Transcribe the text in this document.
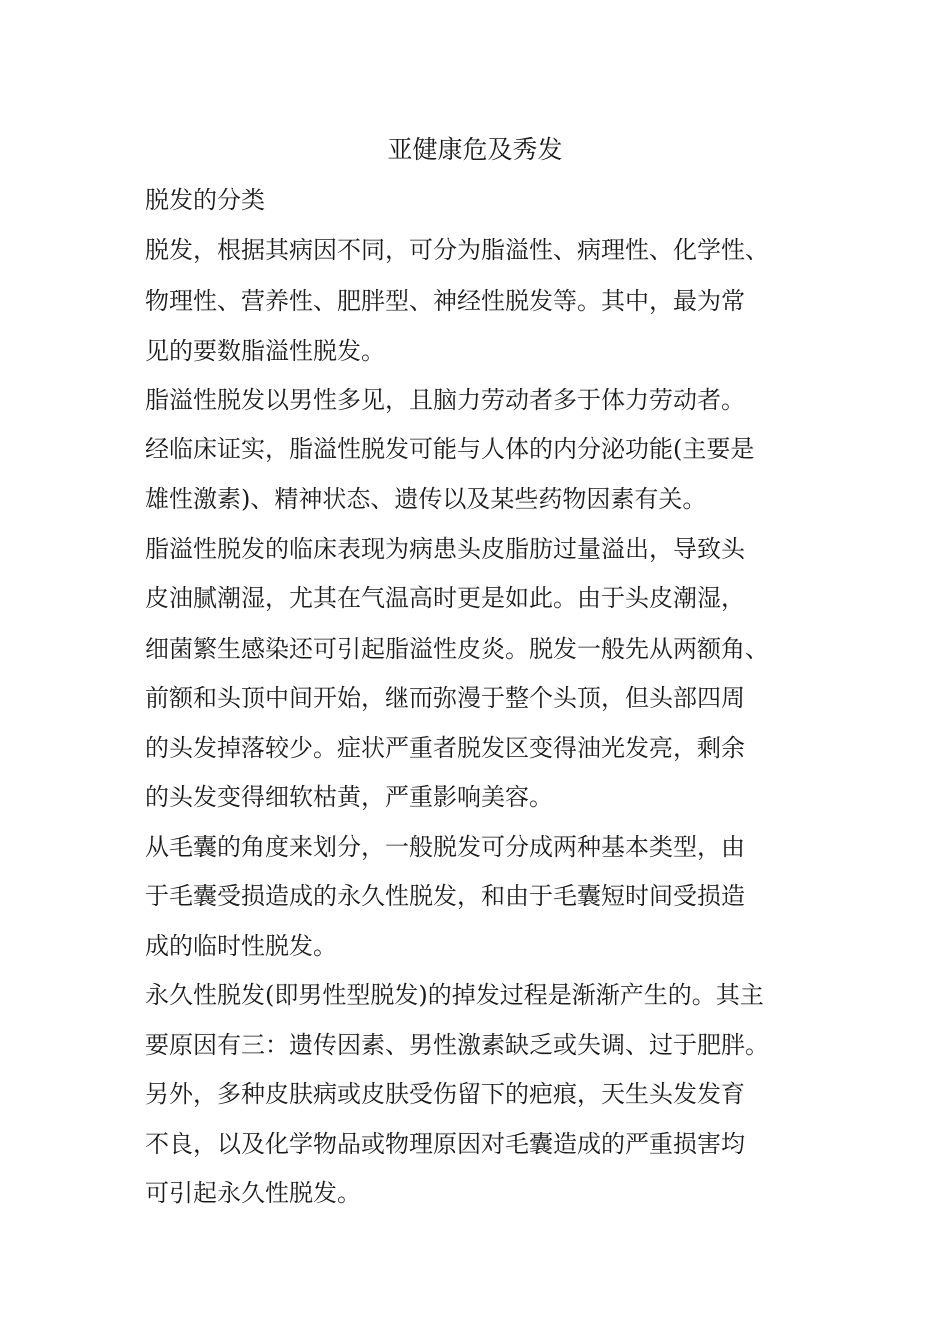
亚健康危及秀发
脱发的分类
脱发，根据其病因不同，可分为脂溢性、病理性、化学性、
物理性、营养性、肥胖型、神经性脱发等。其中，最为常
见的要数脂溢性脱发。
脂溢性脱发以男性多见，且脑力劳动者多于体力劳动者。
经临床证实，脂溢性脱发可能与人体的内分泌功能(主要是
雄性激素)、精神状态、遗传以及某些药物因素有关。
脂溢性脱发的临床表现为病患头皮脂肪过量溢出，导致头
皮油腻潮湿，尤其在气温高时更是如此。由于头皮潮湿，
细菌繁生感染还可引起脂溢性皮炎。脱发一般先从两额角、
前额和头顶中间开始，继而弥漫于整个头顶，但头部四周
的头发掉落较少。症状严重者脱发区变得油光发亮，剩余
的头发变得细软枯黄，严重影响美容。
从毛囊的角度来划分，一般脱发可分成两种基本类型，由
于毛囊受损造成的永久性脱发，和由于毛囊短时间受损造
成的临时性脱发。
永久性脱发(即男性型脱发)的掉发过程是渐渐产生的。其主
要原因有三：遗传因素、男性激素缺乏或失调、过于肥胖。
另外，多种皮肤病或皮肤受伤留下的疤痕，天生头发发育
不良，以及化学物品或物理原因对毛囊造成的严重损害均
可引起永久性脱发。
